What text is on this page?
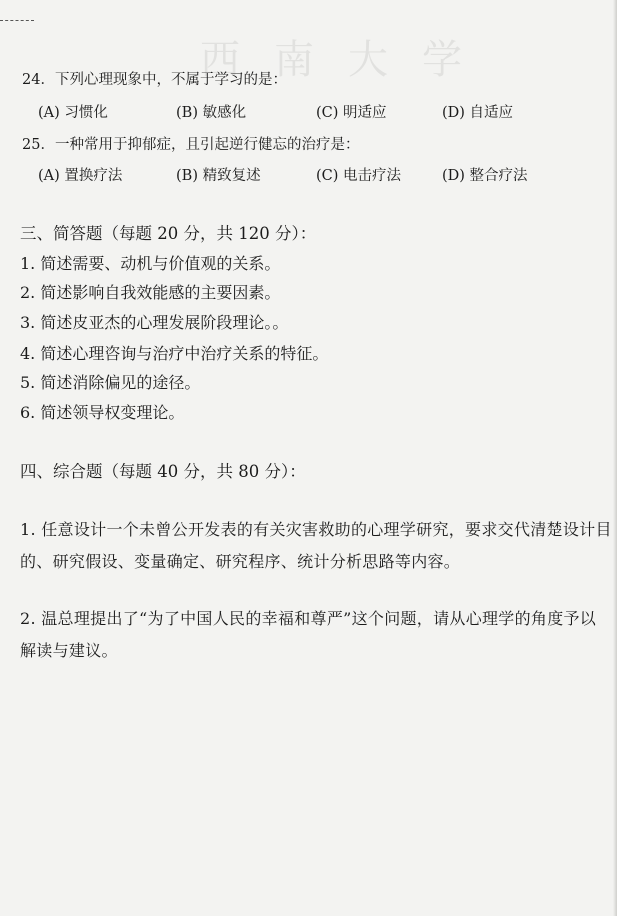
西南大学
24．下列心理现象中，不属于学习的是：
(A) 习惯化	(B) 敏感化	(C) 明适应	(D) 自适应
25．一种常用于抑郁症，且引起逆行健忘的治疗是：
(A) 置换疗法	(B) 精致复述	(C) 电击疗法	(D) 整合疗法
三、简答题（每题 20 分，共 120 分）：
1. 简述需要、动机与价值观的关系。
2. 简述影响自我效能感的主要因素。
3. 简述皮亚杰的心理发展阶段理论。。
4. 简述心理咨询与治疗中治疗关系的特征。
5. 简述消除偏见的途径。
6. 简述领导权变理论。
四、综合题（每题 40 分，共 80 分）：
1. 任意设计一个未曾公开发表的有关灾害救助的心理学研究，要求交代清楚设计目的、研究假设、变量确定、研究程序、统计分析思路等内容。
2. 温总理提出了“为了中国人民的幸福和尊严”这个问题，请从心理学的角度予以解读与建议。
